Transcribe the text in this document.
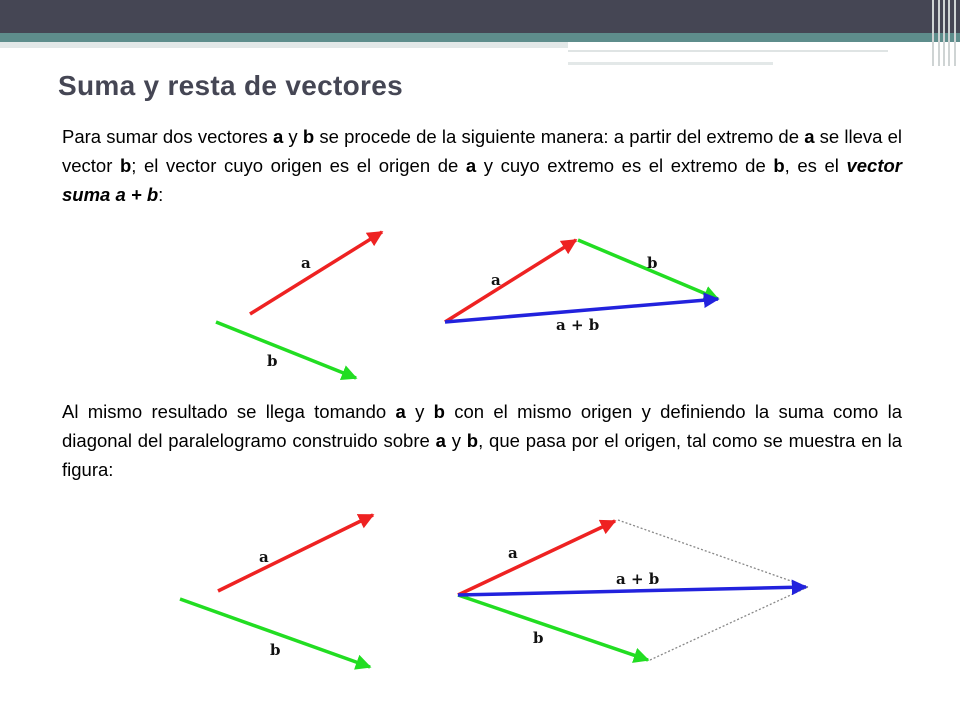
Suma y resta de vectores

Para sumar dos vectores a y b se procede de la siguiente manera: a partir del extremo de a se lleva el vector b; el vector cuyo origen es el origen de a y cuyo extremo es el extremo de b, es el vector suma a + b:

a
b
a
b
a + b

Al mismo resultado se llega tomando a y b con el mismo origen y definiendo la suma como la diagonal del paralelogramo construido sobre a y b, que pasa por el origen, tal como se muestra en la figura:

a
b
a
b
a + b
